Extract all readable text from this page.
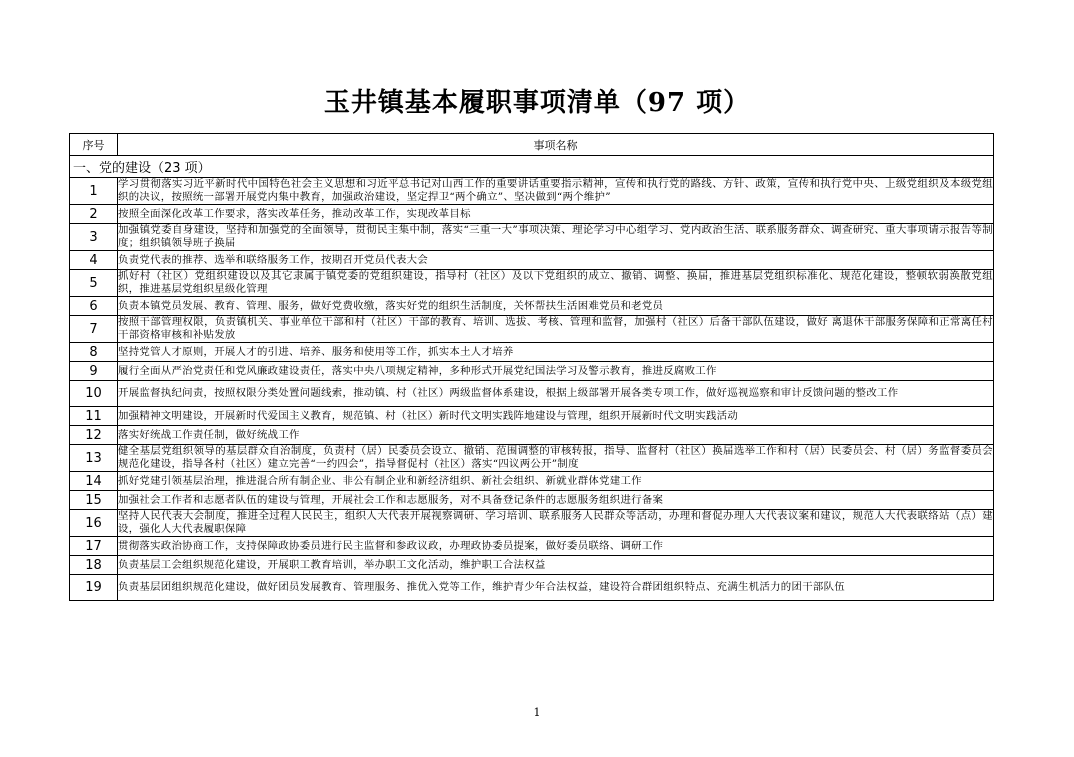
玉井镇基本履职事项清单（97 项）
序号	事项名称
一、党的建设（23 项）	
1	学习贯彻落实习近平新时代中国特色社会主义思想和习近平总书记对山西工作的重要讲话重要指示精神，宣传和执行党的路线、方针、政策，宣传和执行党中央、上级党组织及本级党组织的决议，按照统一部署开展党内集中教育，加强政治建设，坚定捍卫“两个确立”、坚决做到“两个维护”
2	按照全面深化改革工作要求，落实改革任务，推动改革工作，实现改革目标
3	加强镇党委自身建设，坚持和加强党的全面领导，贯彻民主集中制，落实“三重一大”事项决策、理论学习中心组学习、党内政治生活、联系服务群众、调查研究、重大事项请示报告等制度；组织镇领导班子换届
4	负责党代表的推荐、选举和联络服务工作，按期召开党员代表大会
5	抓好村（社区）党组织建设以及其它隶属于镇党委的党组织建设，指导村（社区）及以下党组织的成立、撤销、调整、换届，推进基层党组织标准化、规范化建设，整顿软弱涣散党组织，推进基层党组织星级化管理
6	负责本镇党员发展、教育、管理、服务，做好党费收缴，落实好党的组织生活制度，关怀帮扶生活困难党员和老党员
7	按照干部管理权限，负责镇机关、事业单位干部和村（社区）干部的教育、培训、选拔、考核、管理和监督，加强村（社区）后备干部队伍建设，做好 离退休干部服务保障和正常离任村干部资格审核和补贴发放
8	坚持党管人才原则，开展人才的引进、培养、服务和使用等工作，抓实本土人才培养
9	履行全面从严治党责任和党风廉政建设责任，落实中央八项规定精神，多种形式开展党纪国法学习及警示教育，推进反腐败工作
10	开展监督执纪问责，按照权限分类处置问题线索，推动镇、村（社区）两级监督体系建设，根据上级部署开展各类专项工作，做好巡视巡察和审计反馈问题的整改工作
11	加强精神文明建设，开展新时代爱国主义教育，规范镇、村（社区）新时代文明实践阵地建设与管理，组织开展新时代文明实践活动
12	落实好统战工作责任制，做好统战工作
13	健全基层党组织领导的基层群众自治制度，负责村（居）民委员会设立、撤销、范围调整的审核转报，指导、监督村（社区）换届选举工作和村（居）民委员会、村（居）务监督委员会规范化建设，指导各村（社区）建立完善“一约四会”，指导督促村（社区）落实“四议两公开”制度
14	抓好党建引领基层治理，推进混合所有制企业、非公有制企业和新经济组织、新社会组织、新就业群体党建工作
15	加强社会工作者和志愿者队伍的建设与管理，开展社会工作和志愿服务，对不具备登记条件的志愿服务组织进行备案
16	坚持人民代表大会制度，推进全过程人民民主，组织人大代表开展视察调研、学习培训、联系服务人民群众等活动，办理和督促办理人大代表议案和建议，规范人大代表联络站（点）建设，强化人大代表履职保障
17	贯彻落实政治协商工作，支持保障政协委员进行民主监督和参政议政，办理政协委员提案，做好委员联络、调研工作
18	负责基层工会组织规范化建设，开展职工教育培训，举办职工文化活动，维护职工合法权益
19	负责基层团组织规范化建设，做好团员发展教育、管理服务、推优入党等工作，维护青少年合法权益，建设符合群团组织特点、充满生机活力的团干部队伍
1
